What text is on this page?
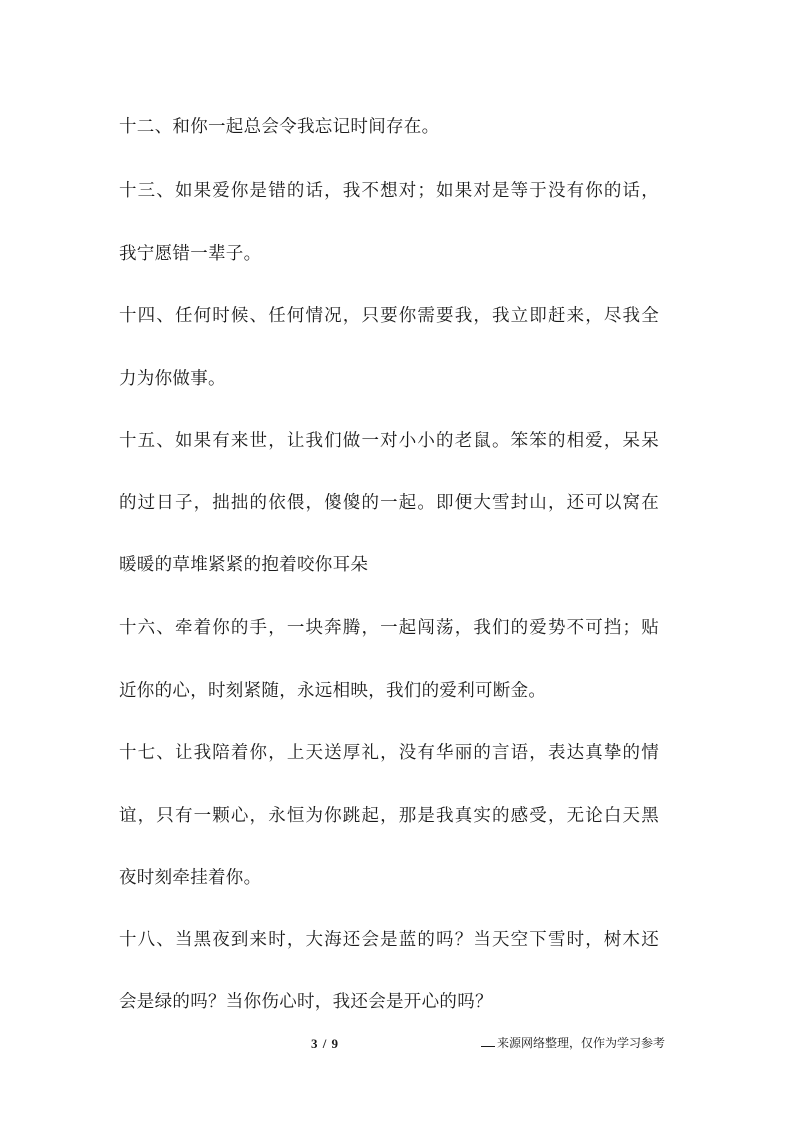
十二、和你一起总会令我忘记时间存在。
十三、如果爱你是错的话，我不想对；如果对是等于没有你的话，
我宁愿错一辈子。
十四、任何时候、任何情况，只要你需要我，我立即赶来，尽我全
力为你做事。
十五、如果有来世，让我们做一对小小的老鼠。笨笨的相爱，呆呆
的过日子，拙拙的依偎，傻傻的一起。即便大雪封山，还可以窝在
暖暖的草堆紧紧的抱着咬你耳朵
十六、牵着你的手，一块奔腾，一起闯荡，我们的爱势不可挡；贴
近你的心，时刻紧随，永远相映，我们的爱利可断金。
十七、让我陪着你，上天送厚礼，没有华丽的言语，表达真挚的情
谊，只有一颗心，永恒为你跳起，那是我真实的感受，无论白天黑
夜时刻牵挂着你。
十八、当黑夜到来时，大海还会是蓝的吗？当天空下雪时，树木还
会是绿的吗？当你伤心时，我还会是开心的吗？
3 / 9	来源网络整理，仅作为学习参考
